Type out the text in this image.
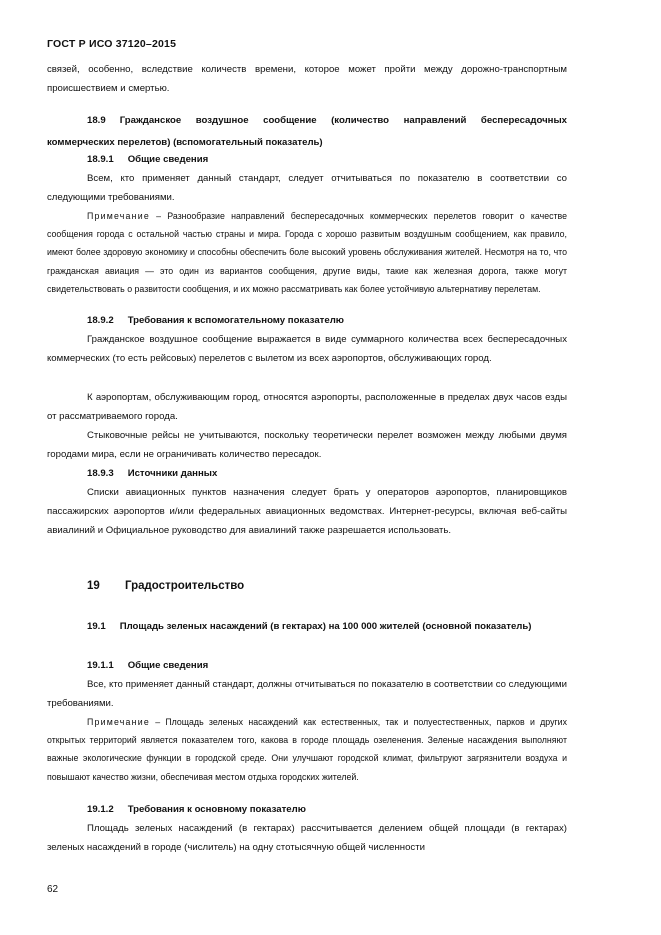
ГОСТ Р ИСО 37120–2015

связей, особенно, вследствие количеств времени, которое может пройти между дорожно-транспортным происшествием и смертью.

18.9 Гражданское воздушное сообщение (количество направлений беспересадочных коммерческих перелетов) (вспомогательный показатель)

18.9.1 Общие сведения

Всем, кто применяет данный стандарт, следует отчитываться по показателю в соответствии со следующими требованиями.

Примечание – Разнообразие направлений беспересадочных коммерческих перелетов говорит о качестве сообщения города с остальной частью страны и мира. Города с хорошо развитым воздушным сообщением, как правило, имеют более здоровую экономику и способны обеспечить боле высокий уровень обслуживания жителей. Несмотря на то, что гражданская авиация — это один из вариантов сообщения, другие виды, такие как железная дорога, также могут свидетельствовать о развитости сообщения, и их можно рассматривать как более устойчивую альтернативу перелетам.

18.9.2 Требования к вспомогательному показателю

Гражданское воздушное сообщение выражается в виде суммарного количества всех беспересадочных коммерческих (то есть рейсовых) перелетов с вылетом из всех аэропортов, обслуживающих город.

К аэропортам, обслуживающим город, относятся аэропорты, расположенные в пределах двух часов езды от рассматриваемого города.

Стыковочные рейсы не учитываются, поскольку теоретически перелет возможен между любыми двумя городами мира, если не ограничивать количество пересадок.

18.9.3 Источники данных

Списки авиационных пунктов назначения следует брать у операторов аэропортов, планировщиков пассажирских аэропортов и/или федеральных авиационных ведомствах. Интернет-ресурсы, включая веб-сайты авиалиний и Официальное руководство для авиалиний также разрешается использовать.

19 Градостроительство

19.1 Площадь зеленых насаждений (в гектарах) на 100 000 жителей (основной показатель)

19.1.1 Общие сведения

Все, кто применяет данный стандарт, должны отчитываться по показателю в соответствии со следующими требованиями.

Примечание – Площадь зеленых насаждений как естественных, так и полуестественных, парков и других открытых территорий является показателем того, какова в городе площадь озеленения. Зеленые насаждения выполняют важные экологические функции в городской среде. Они улучшают городской климат, фильтруют загрязнители воздуха и повышают качество жизни, обеспечивая местом отдыха городских жителей.

19.1.2 Требования к основному показателю

Площадь зеленых насаждений (в гектарах) рассчитывается делением общей площади (в гектарах) зеленых насаждений в городе (числитель) на одну стотысячную общей численности

62
